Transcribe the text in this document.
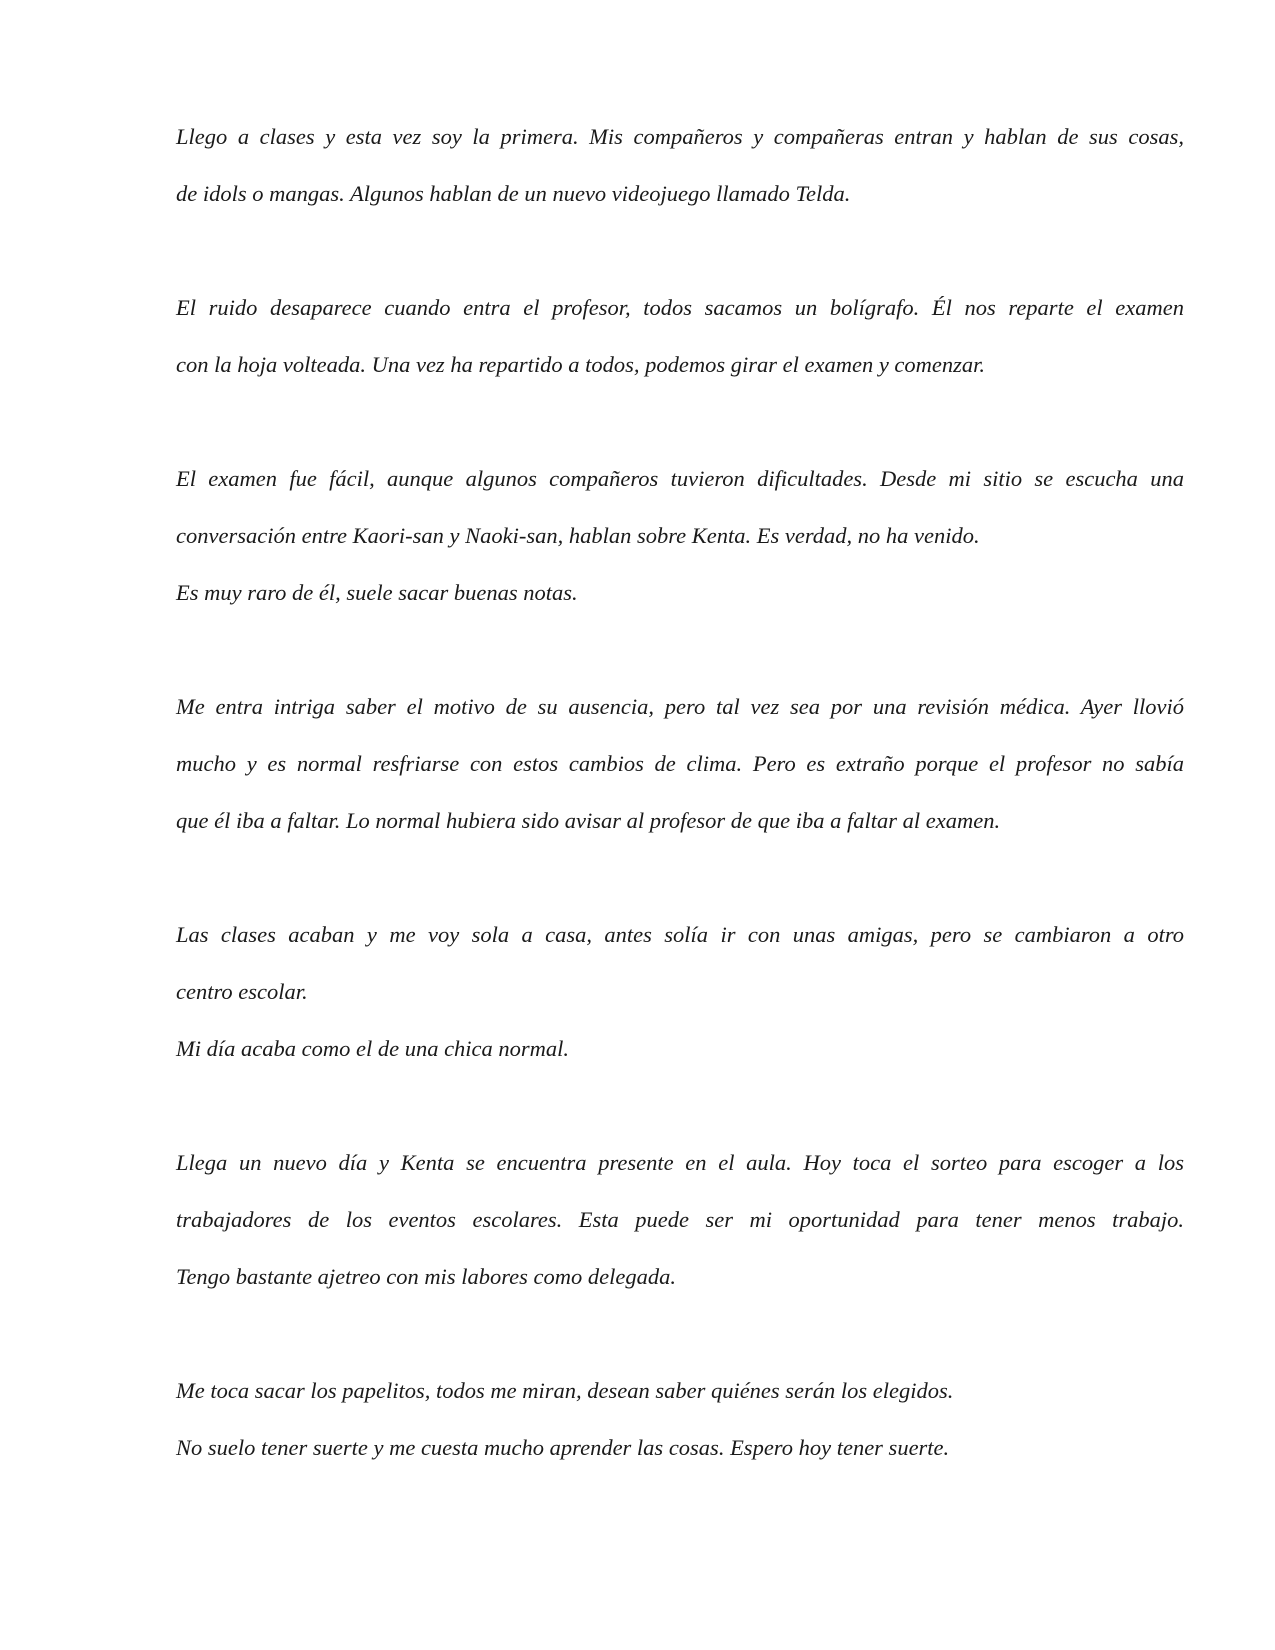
Llego a clases y esta vez soy la primera. Mis compañeros y compañeras entran y hablan de sus cosas,
de idols o mangas. Algunos hablan de un nuevo videojuego llamado Telda.
El ruido desaparece cuando entra el profesor, todos sacamos un bolígrafo. Él nos reparte el examen
con la hoja volteada. Una vez ha repartido a todos, podemos girar el examen y comenzar.
El examen fue fácil, aunque algunos compañeros tuvieron dificultades. Desde mi sitio se escucha una
conversación entre Kaori-san y Naoki-san, hablan sobre Kenta. Es verdad, no ha venido.
Es muy raro de él, suele sacar buenas notas.
Me entra intriga saber el motivo de su ausencia, pero tal vez sea por una revisión médica. Ayer llovió
mucho y es normal resfriarse con estos cambios de clima. Pero es extraño porque el profesor no sabía
que él iba a faltar. Lo normal hubiera sido avisar al profesor de que iba a faltar al examen.
Las clases acaban y me voy sola a casa, antes solía ir con unas amigas, pero se cambiaron a otro
centro escolar.
Mi día acaba como el de una chica normal.
Llega un nuevo día y Kenta se encuentra presente en el aula. Hoy toca el sorteo para escoger a los
trabajadores de los eventos escolares. Esta puede ser mi oportunidad para tener menos trabajo.
Tengo bastante ajetreo con mis labores como delegada.
Me toca sacar los papelitos, todos me miran, desean saber quiénes serán los elegidos.
No suelo tener suerte y me cuesta mucho aprender las cosas. Espero hoy tener suerte.
